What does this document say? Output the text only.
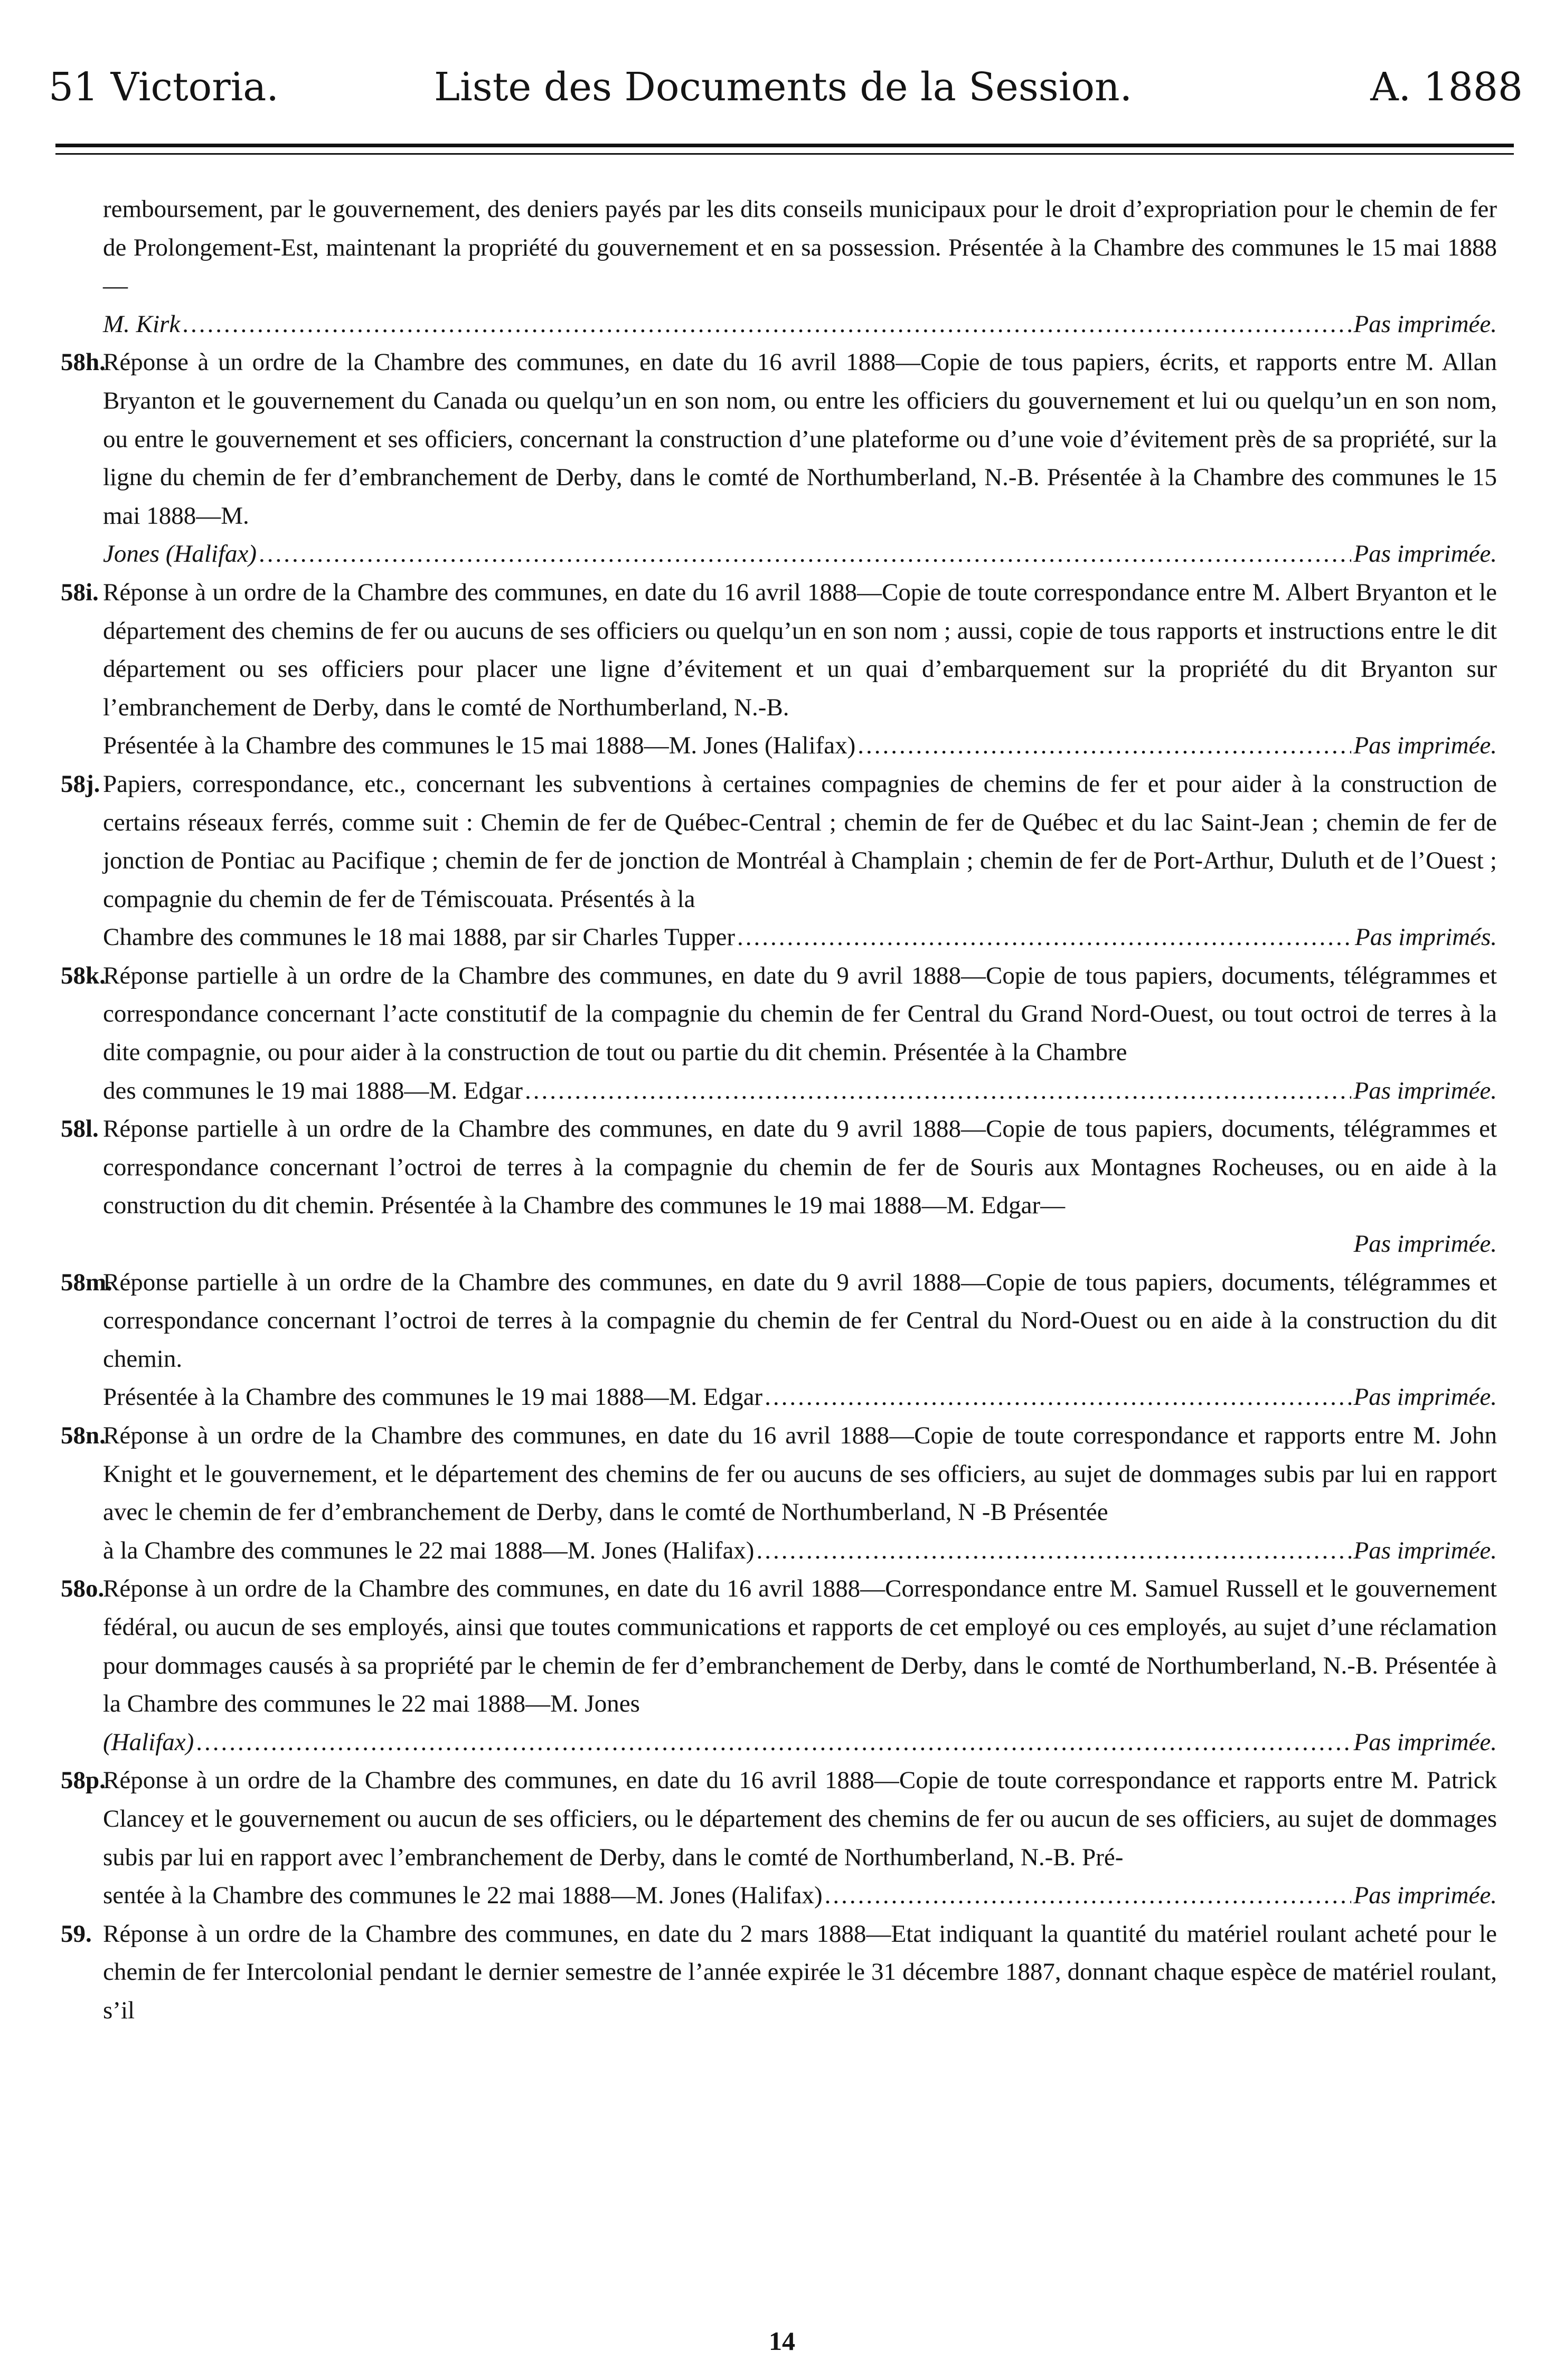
51 Victoria.	Liste des Documents de la Session.	A. 1888

remboursement, par le gouvernement, des deniers payés par les dits conseils municipaux pour le droit d’expropriation pour le chemin de fer de Prolongement-Est, maintenant la propriété du gouvernement et en sa possession. Présentée à la Chambre des communes le 15 mai 1888—

M. Kirk .....	Pas imprimée.
58h.

Réponse à un ordre de la Chambre des communes, en date du 16 avril 1888—Copie de tous papiers, écrits, et rapports entre M. Allan Bryanton et le gouvernement du Canada ou quelqu’un en son nom, ou entre les officiers du gouvernement et lui ou quelqu’un en son nom, ou entre le gouvernement et ses officiers, concernant la construction d’une plateforme ou d’une voie d’évitement près de sa propriété, sur la ligne du chemin de fer d’embranchement de Derby, dans le comté de Northumberland, N.-B. Présentée à la Chambre des communes le 15 mai 1888—M.

Jones (Halifax) .....	Pas imprimée.
58i. Réponse à un ordre de la Chambre des communes, en date du 16 avril 1888—Copie de toute correspondance entre M. Albert Bryanton et le département des chemins de fer ou aucuns de ses officiers ou quelqu’un en son nom ; aussi, copie de tous rapports et instructions entre le dit département ou ses officiers pour placer une ligne d’évitement et un quai d’embarquement sur la propriété du dit Bryanton sur l’embranchement de Derby, dans le comté de Northumberland, N.-B.

Présentée à la Chambre des communes le 15 mai 1888—M. Jones (Halifax) .....	Pas imprimée.
58j. Papiers, correspondance, etc., concernant les subventions à certaines compagnies de chemins de fer et pour aider à la construction de certains réseaux ferrés, comme suit : Chemin de fer de Québec-Central ; chemin de fer de Québec et du lac Saint-Jean ; chemin de fer de jonction de Pontiac au Pacifique ; chemin de fer de jonction de Montréal à Champlain ; chemin de fer de Port-Arthur, Duluth et de l’Ouest ; compagnie du chemin de fer de Témiscouata. Présentés à la

Chambre des communes le 18 mai 1888, par sir Charles Tupper .....	Pas imprimés.
58k.

Réponse partielle à un ordre de la Chambre des communes, en date du 9 avril 1888—Copie de tous papiers, documents, télégrammes et correspondance concernant l’acte constitutif de la compagnie du chemin de fer Central du Grand Nord-Ouest, ou tout octroi de terres à la dite compagnie, ou pour aider à la construction de tout ou partie du dit chemin. Présentée à la Chambre

des communes le 19 mai 1888—M. Edgar .....	Pas imprimée.
58l. Réponse partielle à un ordre de la Chambre des communes, en date du 9 avril 1888—Copie de tous papiers, documents, télégrammes et correspondance concernant l’octroi de terres à la compagnie du chemin de fer de Souris aux Montagnes Rocheuses, ou en aide à la construction du dit chemin. Présentée à la Chambre des communes le 19 mai 1888—M. Edgar—

Pas imprimée.
58m.

Réponse partielle à un ordre de la Chambre des communes, en date du 9 avril 1888—Copie de tous papiers, documents, télégrammes et correspondance concernant l’octroi de terres à la compagnie du chemin de fer Central du Nord-Ouest ou en aide à la construction du dit chemin.

Présentée à la Chambre des communes le 19 mai 1888—M. Edgar .....	Pas imprimée.
58n.

Réponse à un ordre de la Chambre des communes, en date du 16 avril 1888—Copie de toute correspondance et rapports entre M. John Knight et le gouvernement, et le département des chemins de fer ou aucuns de ses officiers, au sujet de dommages subis par lui en rapport avec le chemin de fer d’embranchement de Derby, dans le comté de Northumberland, N -B Présentée

à la Chambre des communes le 22 mai 1888—M. Jones (Halifax) .....	Pas imprimée.
58o.

Réponse à un ordre de la Chambre des communes, en date du 16 avril 1888—Correspondance entre M. Samuel Russell et le gouvernement fédéral, ou aucun de ses employés, ainsi que toutes communications et rapports de cet employé ou ces employés, au sujet d’une réclamation pour dommages causés à sa propriété par le chemin de fer d’embranchement de Derby, dans le comté de Northumberland, N.-B. Présentée à la Chambre des communes le 22 mai 1888—M. Jones

(Halifax) .....	Pas imprimée.
58p.

Réponse à un ordre de la Chambre des communes, en date du 16 avril 1888—Copie de toute correspondance et rapports entre M. Patrick Clancey et le gouvernement ou aucun de ses officiers, ou le département des chemins de fer ou aucun de ses officiers, au sujet de dommages subis par lui en rapport avec l’embranchement de Derby, dans le comté de Northumberland, N.-B. Pré-

sentée à la Chambre des communes le 22 mai 1888—M. Jones (Halifax) .....	Pas imprimée.
59. Réponse à un ordre de la Chambre des communes, en date du 2 mars 1888—Etat indiquant la quantité du matériel roulant acheté pour le chemin de fer Intercolonial pendant le dernier semestre de l’année expirée le 31 décembre 1887, donnant chaque espèce de matériel roulant, s’il

14
